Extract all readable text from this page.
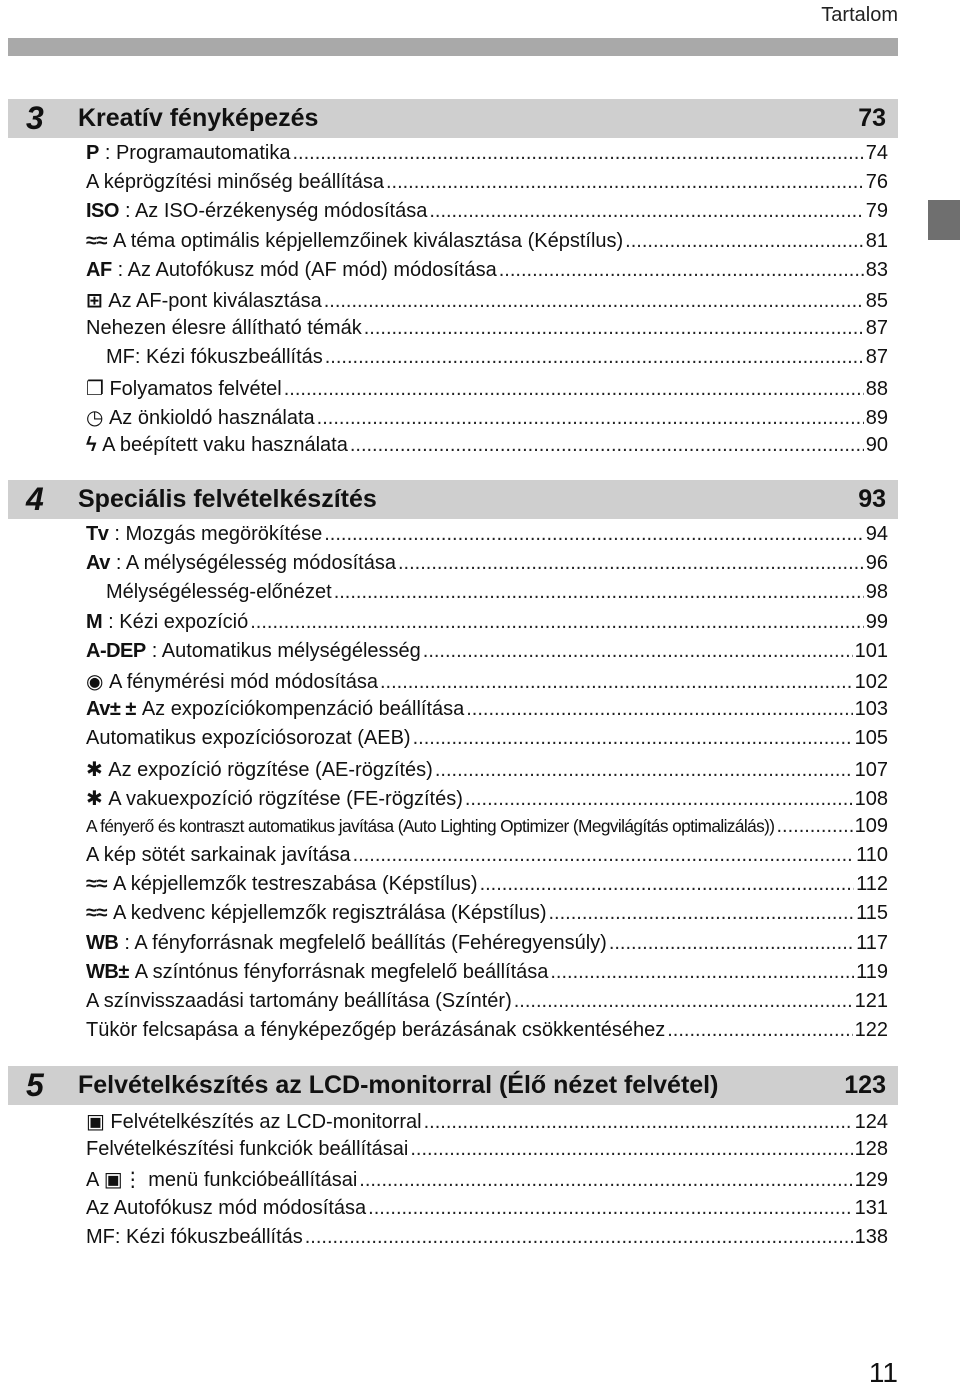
Tartalom
3	Kreatív fényképezés	73
P : Programautomatika .....	74
A képrögzítési minőség beállítása .....	76
ISO : Az ISO-érzékenység módosítása .....	79
≈≈ A téma optimális képjellemzőinek kiválasztása (Képstílus) .....	81
AF : Az Autofókusz mód (AF mód) módosítása .....	83
⊞ Az AF-pont kiválasztása .....	85
Nehezen élesre állítható témák .....	87
MF: Kézi fókuszbeállítás .....	87
❐ Folyamatos felvétel .....	88
◷ Az önkioldó használata .....	89
ϟ A beépített vaku használata .....	90
4	Speciális felvételkészítés	93
Tv : Mozgás megörökítése .....	94
Av : A mélységélesség módosítása .....	96
Mélységélesség-előnézet .....	98
M : Kézi expozíció .....	99
A-DEP : Automatikus mélységélesség .....	101
◉ A fénymérési mód módosítása .....	102
Av± ± Az expozíciókompenzáció beállítása .....	103
Automatikus expozíciósorozat (AEB) .....	105
✱ Az expozíció rögzítése (AE-rögzítés) .....	107
✱ A vakuexpozíció rögzítése (FE-rögzítés) .....	108
A fényerő és kontraszt automatikus javítása (Auto Lighting Optimizer (Megvilágítás optimalizálás)) .....	109
A kép sötét sarkainak javítása .....	110
≈≈ A képjellemzők testreszabása (Képstílus) .....	112
≈≈ A kedvenc képjellemzők regisztrálása (Képstílus) .....	115
WB : A fényforrásnak megfelelő beállítás (Fehéregyensúly) .....	117
WB± A színtónus fényforrásnak megfelelő beállítása .....	119
A színvisszaadási tartomány beállítása (Színtér) .....	121
Tükör felcsapása a fényképezőgép berázásának csökkentéséhez .....	122
5	Felvételkészítés az LCD-monitorral (Élő nézet felvétel)	123
▣ Felvételkészítés az LCD-monitorral .....	124
Felvételkészítési funkciók beállításai .....	128
A ▣⋮ menü funkcióbeállításai .....	129
Az Autofókusz mód módosítása .....	131
MF: Kézi fókuszbeállítás .....	138
11
